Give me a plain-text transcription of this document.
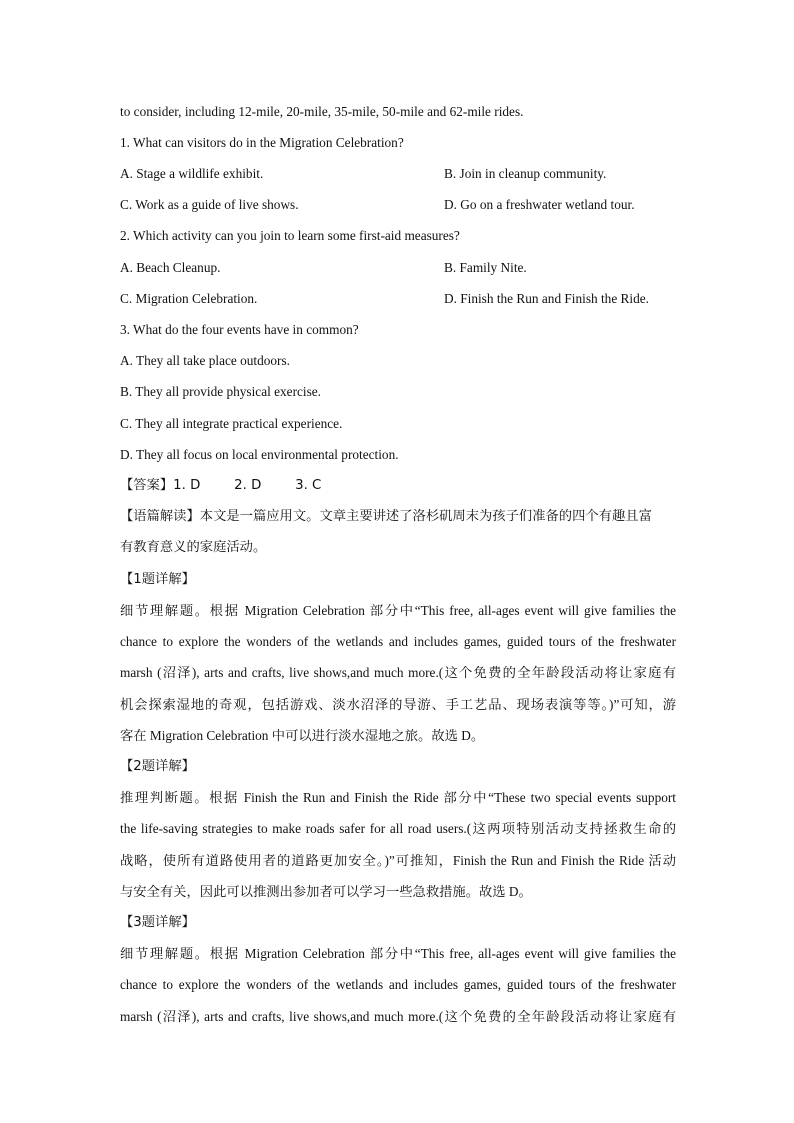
to consider, including 12-mile, 20-mile, 35-mile, 50-mile and 62-mile rides.
1. What can visitors do in the Migration Celebration?
A. Stage a wildlife exhibit.	B. Join in cleanup community.
C. Work as a guide of live shows.	D. Go on a freshwater wetland tour.
2. Which activity can you join to learn some first-aid measures?
A. Beach Cleanup.	B. Family Nite.
C. Migration Celebration.	D. Finish the Run and Finish the Ride.
3. What do the four events have in common?
A. They all take place outdoors.
B. They all provide physical exercise.
C. They all integrate practical experience.
D. They all focus on local environmental protection.
【答案】1. D        2. D        3. C
【语篇解读】本文是一篇应用文。文章主要讲述了洛杉矶周末为孩子们准备的四个有趣且富
有教育意义的家庭活动。
【1题详解】
细节理解题。根据 Migration Celebration 部分中“This free, all-ages event will give families the
chance to explore the wonders of the wetlands and includes games, guided tours of the freshwater
marsh (沼泽), arts and crafts, live shows,and much more.(这个免费的全年龄段活动将让家庭有
机会探索湿地的奇观，包括游戏、淡水沼泽的导游、手工艺品、现场表演等等。)”可知，游
客在 Migration Celebration 中可以进行淡水湿地之旅。故选 D。
【2题详解】
推理判断题。根据 Finish the Run and Finish the Ride 部分中“These two special events support
the life-saving strategies to make roads safer for all road users.(这两项特别活动支持拯救生命的
战略，使所有道路使用者的道路更加安全。)”可推知，Finish the Run and Finish the Ride 活动
与安全有关，因此可以推测出参加者可以学习一些急救措施。故选 D。
【3题详解】
细节理解题。根据 Migration Celebration 部分中“This free, all-ages event will give families the
chance to explore the wonders of the wetlands and includes games, guided tours of the freshwater
marsh (沼泽), arts and crafts, live shows,and much more.(这个免费的全年龄段活动将让家庭有
